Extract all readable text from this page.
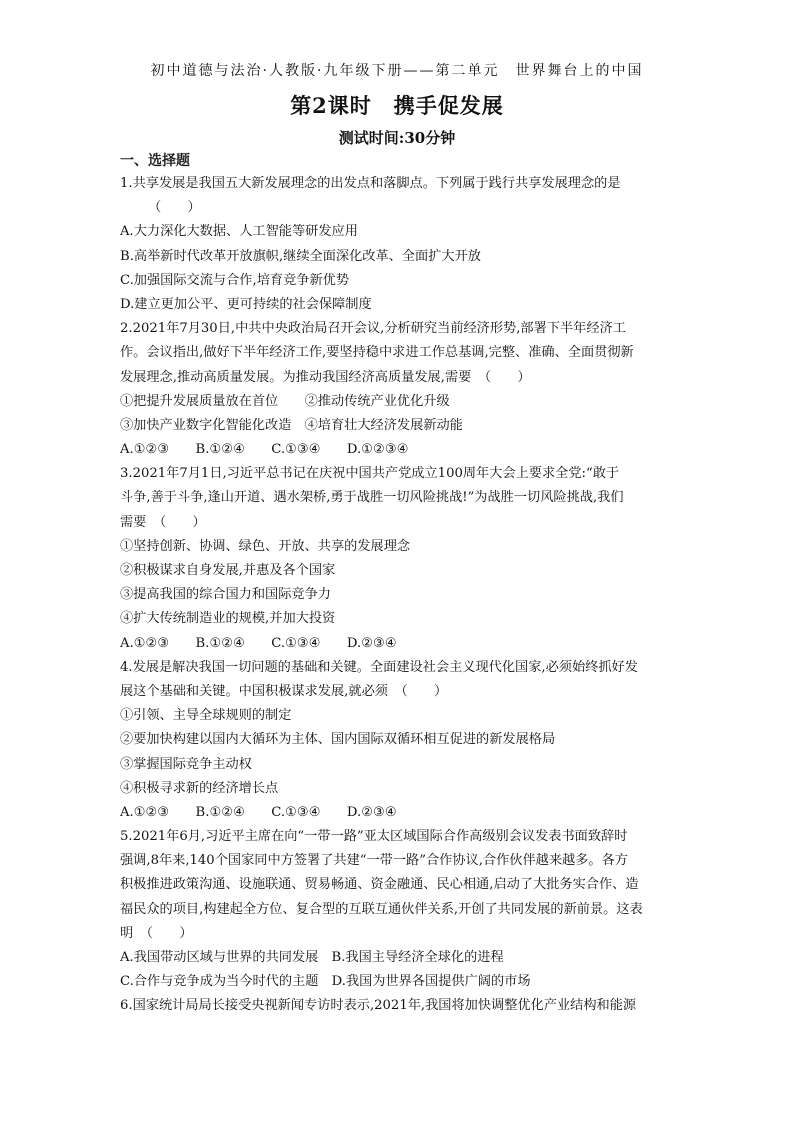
初中道德与法治·人教版·九年级下册——第二单元　世界舞台上的中国
第2课时　携手促发展
测试时间:30分钟
一、选择题
1.共享发展是我国五大新发展理念的出发点和落脚点。下列属于践行共享发展理念的是
（　　）
A.大力深化大数据、人工智能等研发应用
B.高举新时代改革开放旗帜,继续全面深化改革、全面扩大开放
C.加强国际交流与合作,培育竞争新优势
D.建立更加公平、更可持续的社会保障制度
2.2021年7月30日,中共中央政治局召开会议,分析研究当前经济形势,部署下半年经济工
作。会议指出,做好下半年经济工作,要坚持稳中求进工作总基调,完整、准确、全面贯彻新
发展理念,推动高质量发展。为推动我国经济高质量发展,需要　（　　）
①把提升发展质量放在首位　　②推动传统产业优化升级
③加快产业数字化智能化改造　④培育壮大经济发展新动能
A.①②③　　B.①②④　　C.①③④　　D.①②③④
3.2021年7月1日,习近平总书记在庆祝中国共产党成立100周年大会上要求全党:“敢于
斗争,善于斗争,逢山开道、遇水架桥,勇于战胜一切风险挑战!”为战胜一切风险挑战,我们
需要　（　　）
①坚持创新、协调、绿色、开放、共享的发展理念
②积极谋求自身发展,并惠及各个国家
③提高我国的综合国力和国际竞争力
④扩大传统制造业的规模,并加大投资
A.①②③　　B.①②④　　C.①③④　　D.②③④
4.发展是解决我国一切问题的基础和关键。全面建设社会主义现代化国家,必须始终抓好发
展这个基础和关键。中国积极谋求发展,就必须　（　　）
①引领、主导全球规则的制定
②要加快构建以国内大循环为主体、国内国际双循环相互促进的新发展格局
③掌握国际竞争主动权
④积极寻求新的经济增长点
A.①②③　　B.①②④　　C.①③④　　D.②③④
5.2021年6月,习近平主席在向“一带一路”亚太区域国际合作高级别会议发表书面致辞时
强调,8年来,140个国家同中方签署了共建“一带一路”合作协议,合作伙伴越来越多。各方
积极推进政策沟通、设施联通、贸易畅通、资金融通、民心相通,启动了大批务实合作、造
福民众的项目,构建起全方位、复合型的互联互通伙伴关系,开创了共同发展的新前景。这表
明　（　　）
A.我国带动区域与世界的共同发展　B.我国主导经济全球化的进程
C.合作与竞争成为当今时代的主题　D.我国为世界各国提供广阔的市场
6.国家统计局局长接受央视新闻专访时表示,2021年,我国将加快调整优化产业结构和能源
